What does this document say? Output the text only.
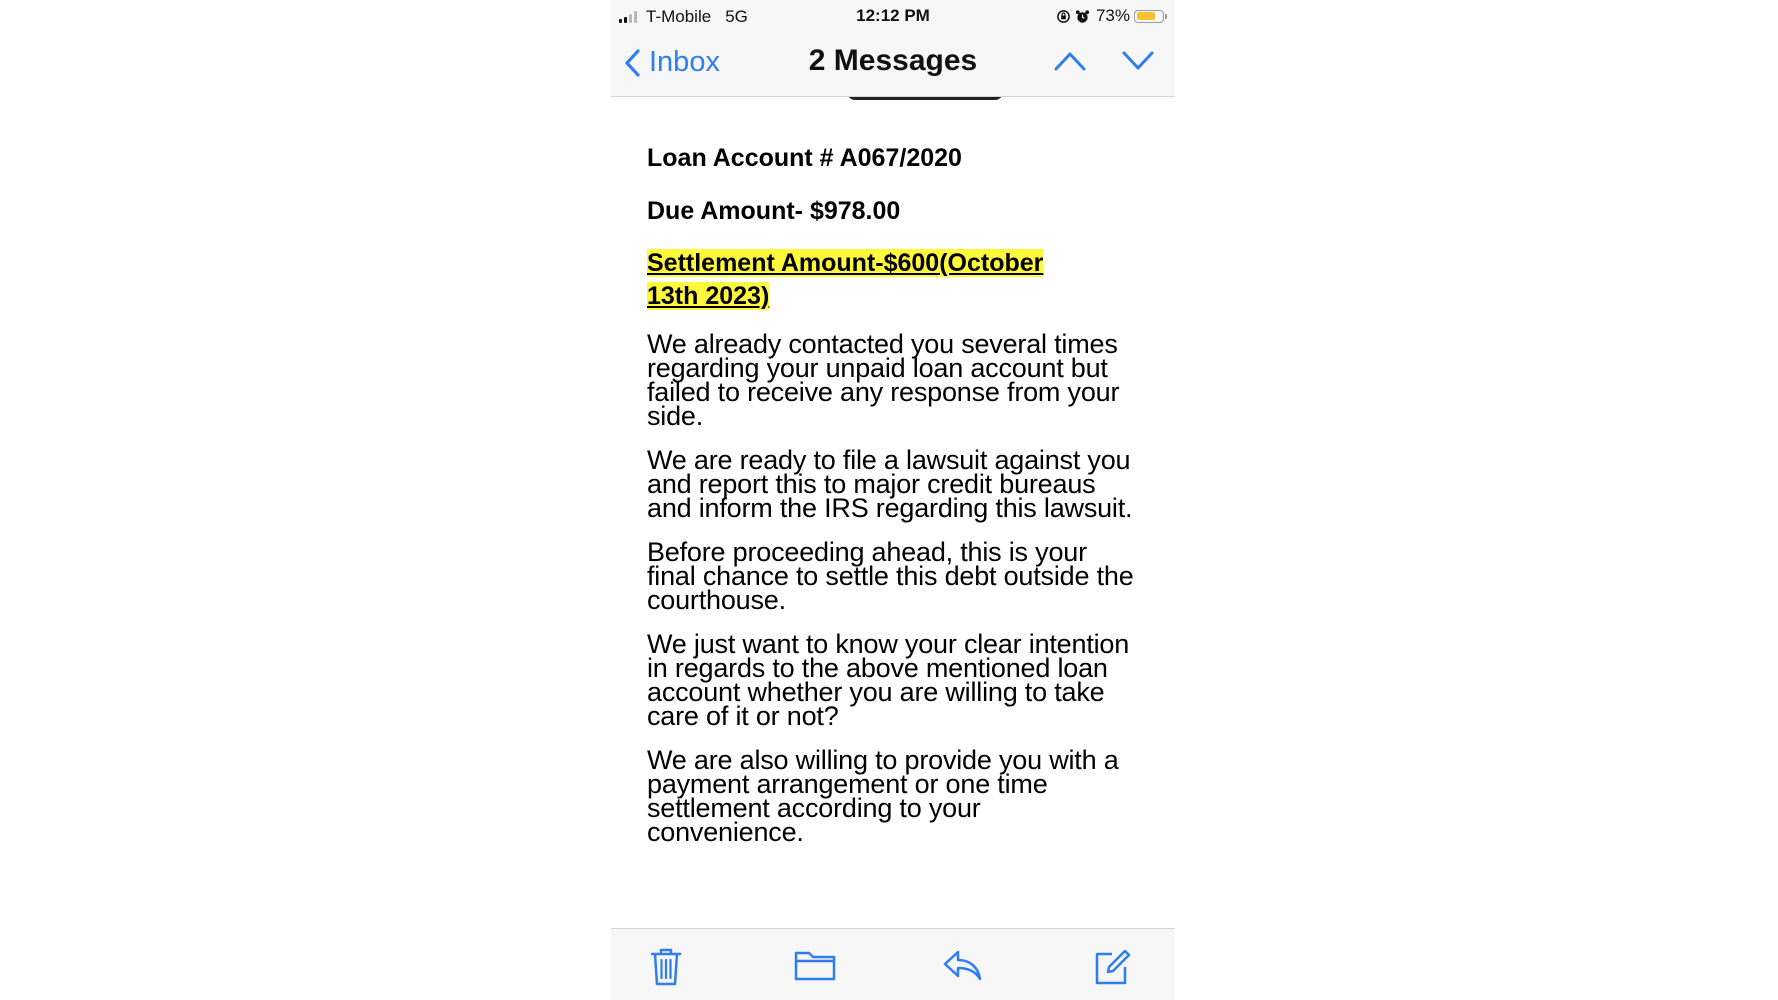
T-Mobile 5G	12:12 PM	73%
Inbox	2 Messages

Loan Account # A067/2020

Due Amount- $978.00

Settlement Amount-$600(October 13th 2023)
We already contacted you several times regarding your unpaid loan account but failed to receive any response from your side.
We are ready to file a lawsuit against you and report this to major credit bureaus and inform the IRS regarding this lawsuit.
Before proceeding ahead, this is your final chance to settle this debt outside the courthouse.
We just want to know your clear intention in regards to the above mentioned loan account whether you are willing to take care of it or not?
We are also willing to provide you with a payment arrangement or one time settlement according to your convenience.
